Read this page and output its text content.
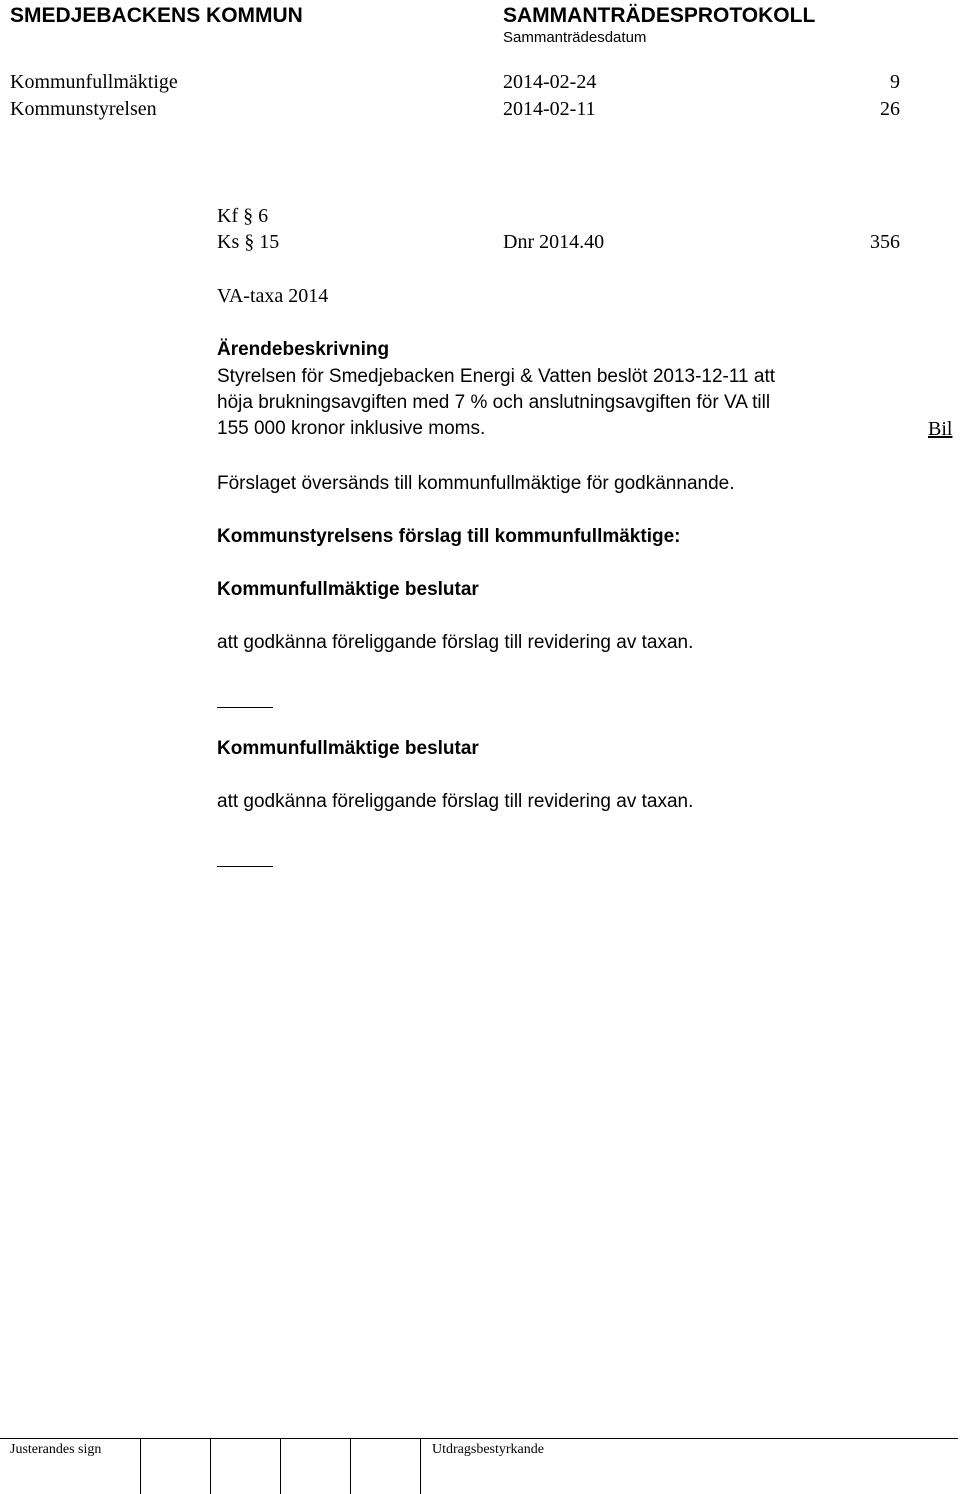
SMEDJEBACKENS KOMMUN	SAMMANTRÄDESPROTOKOLL
Sammanträdesdatum
Kommunfullmäktige	2014-02-24	9
Kommunstyrelsen	2014-02-11	26
Kf § 6
Ks § 15	Dnr 2014.40	356
VA-taxa 2014
Ärendebeskrivning
Styrelsen för Smedjebacken Energi & Vatten beslöt 2013-12-11 att
höja brukningsavgiften med 7 % och anslutningsavgiften för VA till
155 000 kronor inklusive moms.	Bil
Förslaget översänds till kommunfullmäktige för godkännande.
Kommunstyrelsens förslag till kommunfullmäktige:
Kommunfullmäktige beslutar
att godkänna föreliggande förslag till revidering av taxan.
Kommunfullmäktige beslutar
att godkänna föreliggande förslag till revidering av taxan.
Justerandes sign	Utdragsbestyrkande
